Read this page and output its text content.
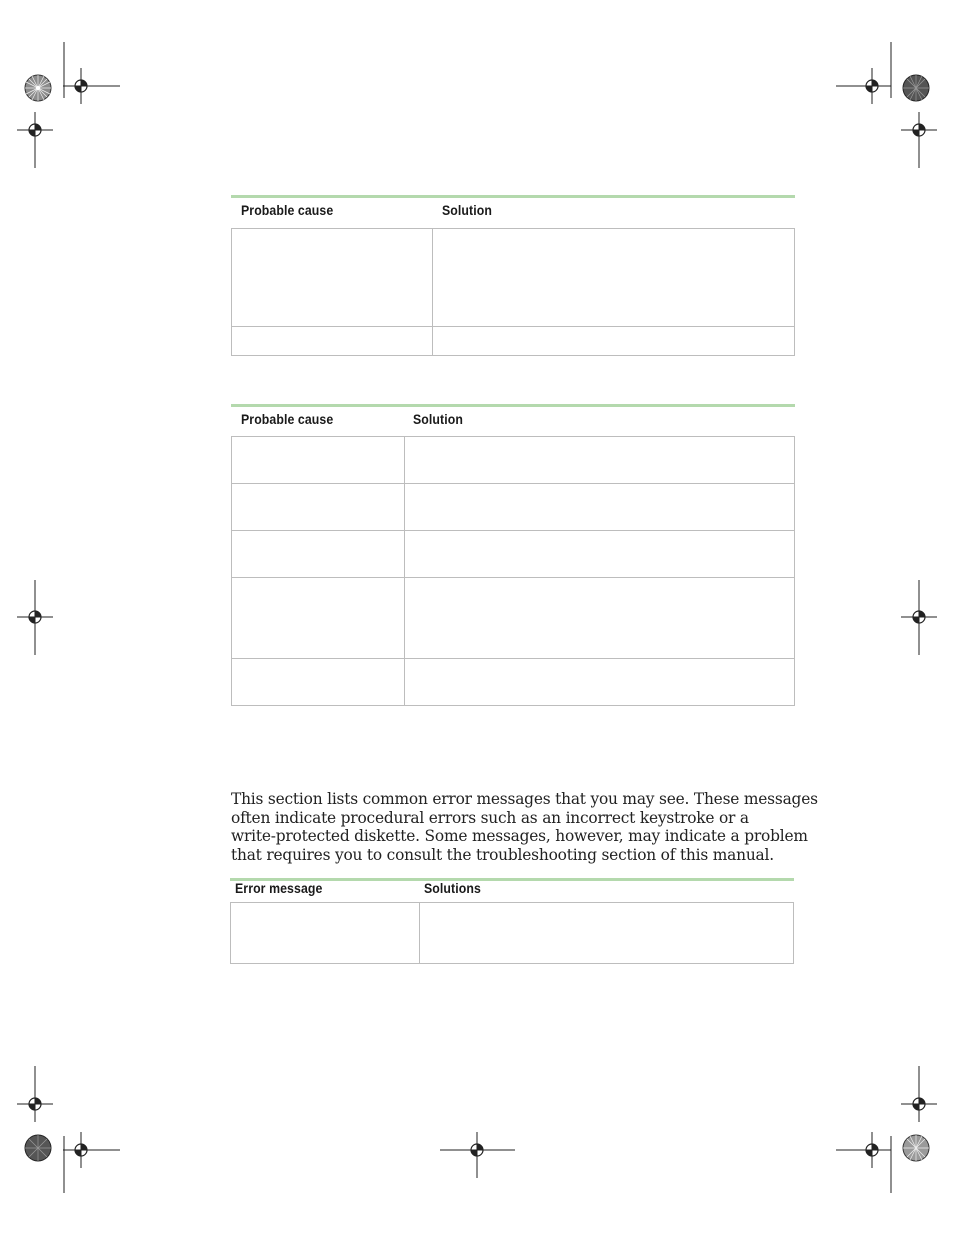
Probable cause	Solution
Probable cause	Solution
This section lists common error messages that you may see. These messages
often indicate procedural errors such as an incorrect keystroke or a
write-protected diskette. Some messages, however, may indicate a problem
that requires you to consult the troubleshooting section of this manual.
Error message	Solutions
